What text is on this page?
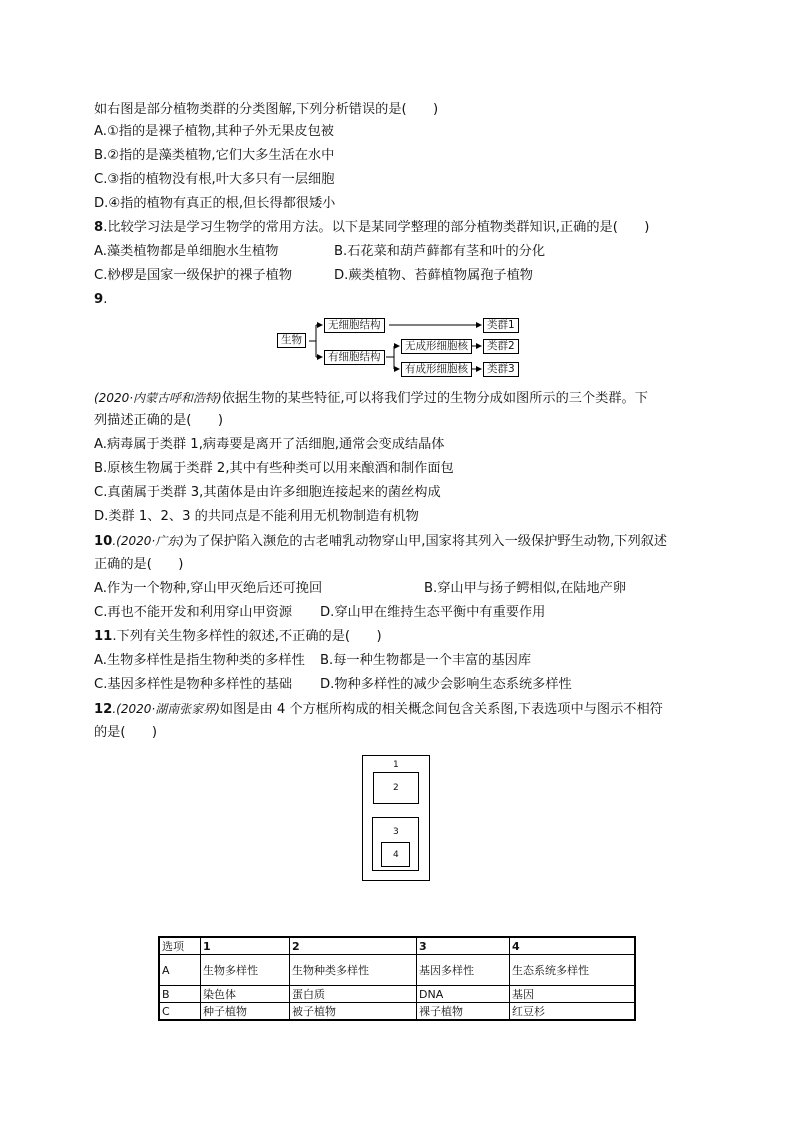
如右图是部分植物类群的分类图解,下列分析错误的是(　　)
A.①指的是裸子植物,其种子外无果皮包被
B.②指的是藻类植物,它们大多生活在水中
C.③指的植物没有根,叶大多只有一层细胞
D.④指的植物有真正的根,但长得都很矮小
8.比较学习法是学习生物学的常用方法。以下是某同学整理的部分植物类群知识,正确的是(　　)
A.藻类植物都是单细胞水生植物	B.石花菜和葫芦藓都有茎和叶的分化
C.桫椤是国家一级保护的裸子植物	D.蕨类植物、苔藓植物属孢子植物
9.
生物
无细胞结构
有细胞结构
无成形细胞核
有成形细胞核
类群1
类群2
类群3
(2020·内蒙古呼和浩特)依据生物的某些特征,可以将我们学过的生物分成如图所示的三个类群。下
列描述正确的是(　　)
A.病毒属于类群 1,病毒要是离开了活细胞,通常会变成结晶体
B.原核生物属于类群 2,其中有些种类可以用来酿酒和制作面包
C.真菌属于类群 3,其菌体是由许多细胞连接起来的菌丝构成
D.类群 1、2、3 的共同点是不能利用无机物制造有机物
10.(2020·广东)为了保护陷入濒危的古老哺乳动物穿山甲,国家将其列入一级保护野生动物,下列叙述
正确的是(　　)
A.作为一个物种,穿山甲灭绝后还可挽回	B.穿山甲与扬子鳄相似,在陆地产卵
C.再也不能开发和利用穿山甲资源 D.穿山甲在维持生态平衡中有重要作用
11.下列有关生物多样性的叙述,不正确的是(　　)
A.生物多样性是指生物种类的多样性 B.每一种生物都是一个丰富的基因库
C.基因多样性是物种多样性的基础 D.物种多样性的减少会影响生态系统多样性
12.(2020·湖南张家界)如图是由 4 个方框所构成的相关概念间包含关系图,下表选项中与图示不相符
的是(　　)
1
2
3
4
选项	1	2	3	4
A	生物多样性	生物种类多样性	基因多样性	生态系统多样性
B	染色体	蛋白质	DNA	基因
C	种子植物	被子植物	裸子植物	红豆杉
